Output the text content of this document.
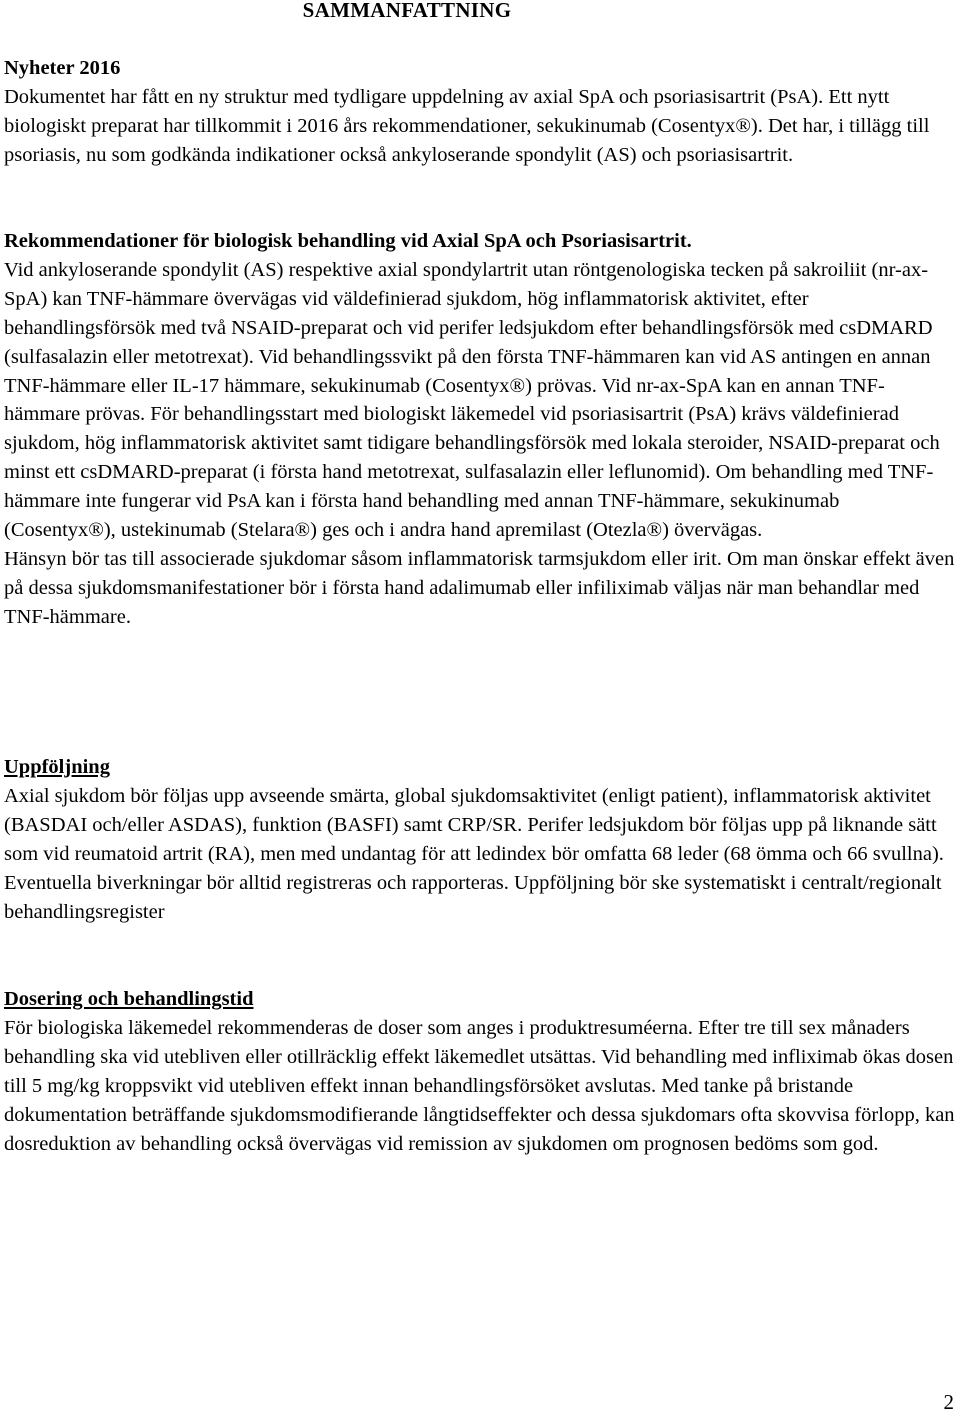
SAMMANFATTNING

Nyheter 2016

Dokumentet har fått en ny struktur med tydligare uppdelning av axial SpA och psoriasisartrit (PsA). Ett nytt biologiskt preparat har tillkommit i 2016 års rekommendationer, sekukinumab (Cosentyx®). Det har, i tillägg till psoriasis, nu som godkända indikationer också ankyloserande spondylit (AS) och psoriasisartrit.

Rekommendationer för biologisk behandling vid Axial SpA och Psoriasisartrit.

Vid ankyloserande spondylit (AS) respektive axial spondylartrit utan röntgenologiska tecken på sakroiliit (nr-ax-SpA) kan TNF-hämmare övervägas vid väldefinierad sjukdom, hög inflammatorisk aktivitet, efter behandlingsförsök med två NSAID-preparat och vid perifer ledsjukdom efter behandlingsförsök med csDMARD (sulfasalazin eller metotrexat). Vid behandlingssvikt på den första TNF-hämmaren kan vid AS antingen en annan TNF-hämmare eller IL-17 hämmare, sekukinumab (Cosentyx®) prövas. Vid nr-ax-SpA kan en annan TNF-hämmare prövas. För behandlingsstart med biologiskt läkemedel vid psoriasisartrit (PsA) krävs väldefinierad sjukdom, hög inflammatorisk aktivitet samt tidigare behandlingsförsök med lokala steroider, NSAID-preparat och minst ett csDMARD-preparat (i första hand metotrexat, sulfasalazin eller leflunomid). Om behandling med TNF-hämmare inte fungerar vid PsA kan i första hand behandling med annan TNF-hämmare, sekukinumab (Cosentyx®), ustekinumab (Stelara®) ges och i andra hand apremilast (Otezla®) övervägas.

Hänsyn bör tas till associerade sjukdomar såsom inflammatorisk tarmsjukdom eller irit. Om man önskar effekt även på dessa sjukdomsmanifestationer bör i första hand adalimumab eller infiliximab väljas när man behandlar med TNF-hämmare.

Uppföljning

Axial sjukdom bör följas upp avseende smärta, global sjukdomsaktivitet (enligt patient), inflammatorisk aktivitet (BASDAI och/eller ASDAS), funktion (BASFI) samt CRP/SR. Perifer ledsjukdom bör följas upp på liknande sätt som vid reumatoid artrit (RA), men med undantag för att ledindex bör omfatta 68 leder (68 ömma och 66 svullna). Eventuella biverkningar bör alltid registreras och rapporteras. Uppföljning bör ske systematiskt i centralt/regionalt behandlingsregister

Dosering och behandlingstid

För biologiska läkemedel rekommenderas de doser som anges i produktresuméerna. Efter tre till sex månaders behandling ska vid utebliven eller otillräcklig effekt läkemedlet utsättas. Vid behandling med infliximab ökas dosen till 5 mg/kg kroppsvikt vid utebliven effekt innan behandlingsförsöket avslutas. Med tanke på bristande dokumentation beträffande sjukdomsmodifierande långtidseffekter och dessa sjukdomars ofta skovvisa förlopp, kan dosreduktion av behandling också övervägas vid remission av sjukdomen om prognosen bedöms som god.

2
